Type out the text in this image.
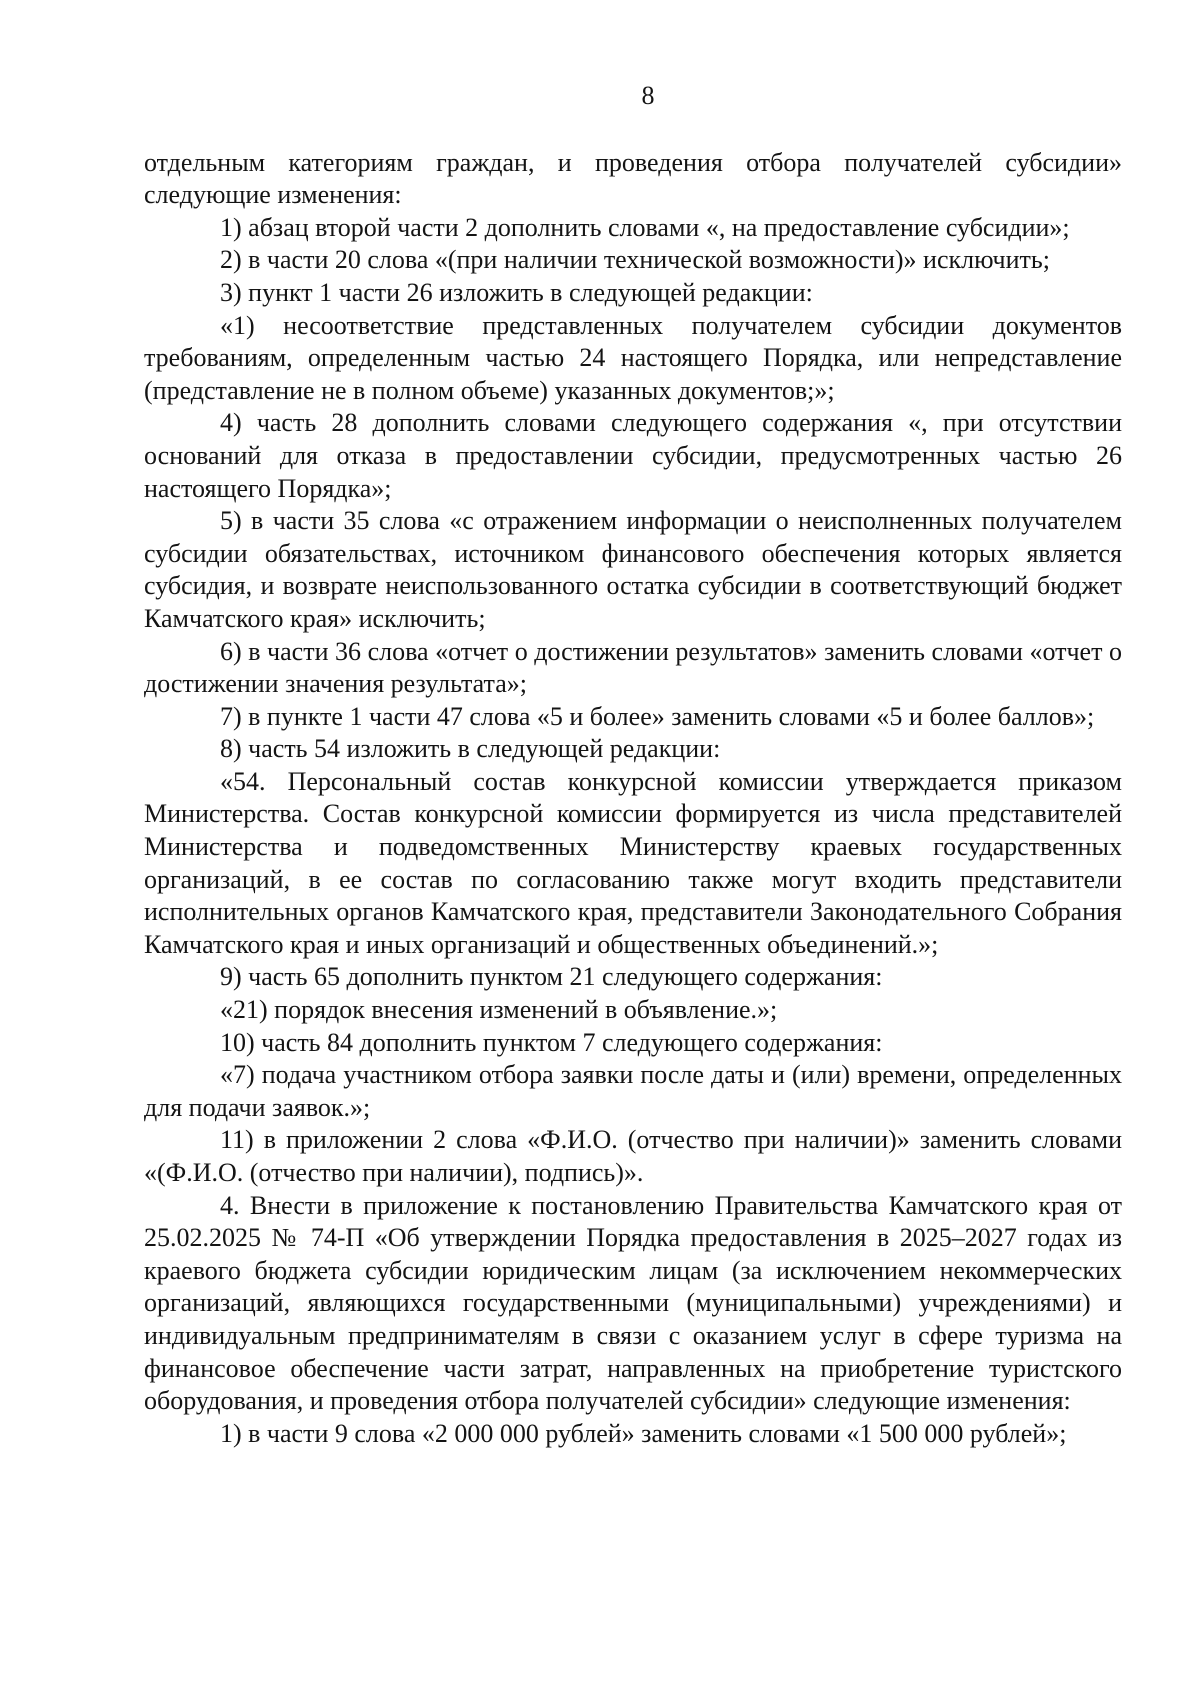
8

отдельным категориям граждан, и проведения отбора получателей субсидии» следующие изменения:

1) абзац второй части 2 дополнить словами «, на предоставление субсидии»;

2) в части 20 слова «(при наличии технической возможности)» исключить;

3) пункт 1 части 26 изложить в следующей редакции:

«1) несоответствие представленных получателем субсидии документов требованиям, определенным частью 24 настоящего Порядка, или непредставление (представление не в полном объеме) указанных документов;»;

4) часть 28 дополнить словами следующего содержания «, при отсутствии оснований для отказа в предоставлении субсидии, предусмотренных частью 26 настоящего Порядка»;

5) в части 35 слова «с отражением информации о неисполненных получателем субсидии обязательствах, источником финансового обеспечения которых является субсидия, и возврате неиспользованного остатка субсидии в соответствующий бюджет Камчатского края» исключить;

6) в части 36 слова «отчет о достижении результатов» заменить словами «отчет о достижении значения результата»;

7) в пункте 1 части 47 слова «5 и более» заменить словами «5 и более баллов»;

8) часть 54 изложить в следующей редакции:

«54. Персональный состав конкурсной комиссии утверждается приказом Министерства. Состав конкурсной комиссии формируется из числа представителей Министерства и подведомственных Министерству краевых государственных организаций, в ее состав по согласованию также могут входить представители исполнительных органов Камчатского края, представители Законодательного Собрания Камчатского края и иных организаций и общественных объединений.»;

9) часть 65 дополнить пунктом 21 следующего содержания:

«21) порядок внесения изменений в объявление.»;

10) часть 84 дополнить пунктом 7 следующего содержания:

«7) подача участником отбора заявки после даты и (или) времени, определенных для подачи заявок.»;

11) в приложении 2 слова «Ф.И.О. (отчество при наличии)» заменить словами «(Ф.И.О. (отчество при наличии), подпись)».

4. Внести в приложение к постановлению Правительства Камчатского края от 25.02.2025 № 74-П «Об утверждении Порядка предоставления в 2025–2027 годах из краевого бюджета субсидии юридическим лицам (за исключением некоммерческих организаций, являющихся государственными (муниципальными) учреждениями) и индивидуальным предпринимателям в связи с оказанием услуг в сфере туризма на финансовое обеспечение части затрат, направленных на приобретение туристского оборудования, и проведения отбора получателей субсидии» следующие изменения:

1) в части 9 слова «2 000 000 рублей» заменить словами «1 500 000 рублей»;
